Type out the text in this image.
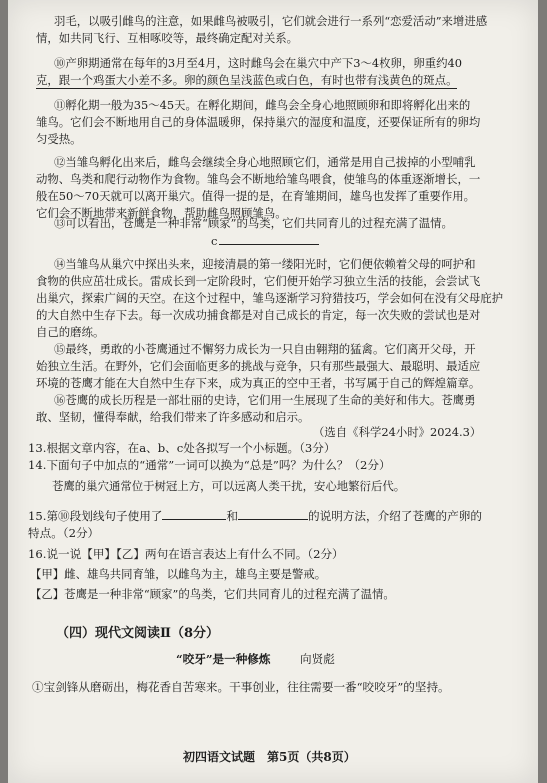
羽毛，以吸引雌鸟的注意，如果雌鸟被吸引，它们就会进行一系列“恋爱活动”来增进感

情，如共同飞行、互相啄咬等，最终确定配对关系。

⑩产卵期通常在每年的3月至4月，这时雌鸟会在巢穴中产下3～4枚卵，卵重约40

克，跟一个鸡蛋大小差不多。卵的颜色呈浅蓝色或白色，有时也带有浅黄色的斑点。

⑪孵化期一般为35～45天。在孵化期间，雌鸟会全身心地照顾卵和即将孵化出来的

雏鸟。它们会不断地用自己的身体温暖卵，保持巢穴的湿度和温度，还要保证所有的卵均

匀受热。

⑫当雏鸟孵化出来后，雌鸟会继续全身心地照顾它们，通常是用自己拔掉的小型哺乳

动物、鸟类和爬行动物作为食物。雏鸟会不断地给雏鸟喂食，使雏鸟的体重逐渐增长，一

般在50～70天就可以离开巢穴。值得一提的是，在育雏期间，雄鸟也发挥了重要作用。

它们会不断地带来新鲜食物，帮助雌鸟照顾雏鸟。

⑬可以看出，苍鹰是一种非常“顾家”的鸟类，它们共同育儿的过程充满了温情。

c

⑭当雏鸟从巢穴中探出头来，迎接清晨的第一缕阳光时，它们便依赖着父母的呵护和

食物的供应茁壮成长。雷成长到一定阶段时，它们便开始学习独立生活的技能，会尝试飞

出巢穴，探索广阔的天空。在这个过程中，雏鸟逐渐学习狩猎技巧，学会如何在没有父母庇护

的大自然中生存下去。每一次成功捕食都是对自己成长的肯定，每一次失败的尝试也是对

自己的磨练。

⑮最终，勇敢的小苍鹰通过不懈努力成长为一只自由翱翔的猛禽。它们离开父母，开

始独立生活。在野外，它们会面临更多的挑战与竞争，只有那些最强大、最聪明、最适应

环境的苍鹰才能在大自然中生存下来，成为真正的空中王者，书写属于自己的辉煌篇章。

⑯苍鹰的成长历程是一部壮丽的史诗，它们用一生展现了生命的美好和伟大。苍鹰勇

敢、坚韧，懂得奉献，给我们带来了许多感动和启示。

（选自《科学24小时》2024.3）

13.根据文章内容，在a、b、c处各拟写一个小标题。（3分）

14.下面句子中加点的“通常”一词可以换为“总是”吗？为什么？（2分）

苍鹰的巢穴通常位于树冠上方，可以远离人类干扰，安心地繁衍后代。

15.第⑩段划线句子使用了	和	的说明方法，介绍了苍鹰的产卵的

特点。（2分）

16.说一说【甲】【乙】两句在语言表达上有什么不同。（2分）

【甲】雌、雄鸟共同育雏，以雌鸟为主，雄鸟主要是警戒。

【乙】苍鹰是一种非常“顾家”的鸟类，它们共同育儿的过程充满了温情。

（四）现代文阅读Ⅱ（8分）

“咬牙”是一种修炼	向贤彪

①宝剑锋从磨砺出，梅花香自苦寒来。干事创业，往往需要一番“咬咬牙”的坚持。

初四语文试题　第5页（共8页）
